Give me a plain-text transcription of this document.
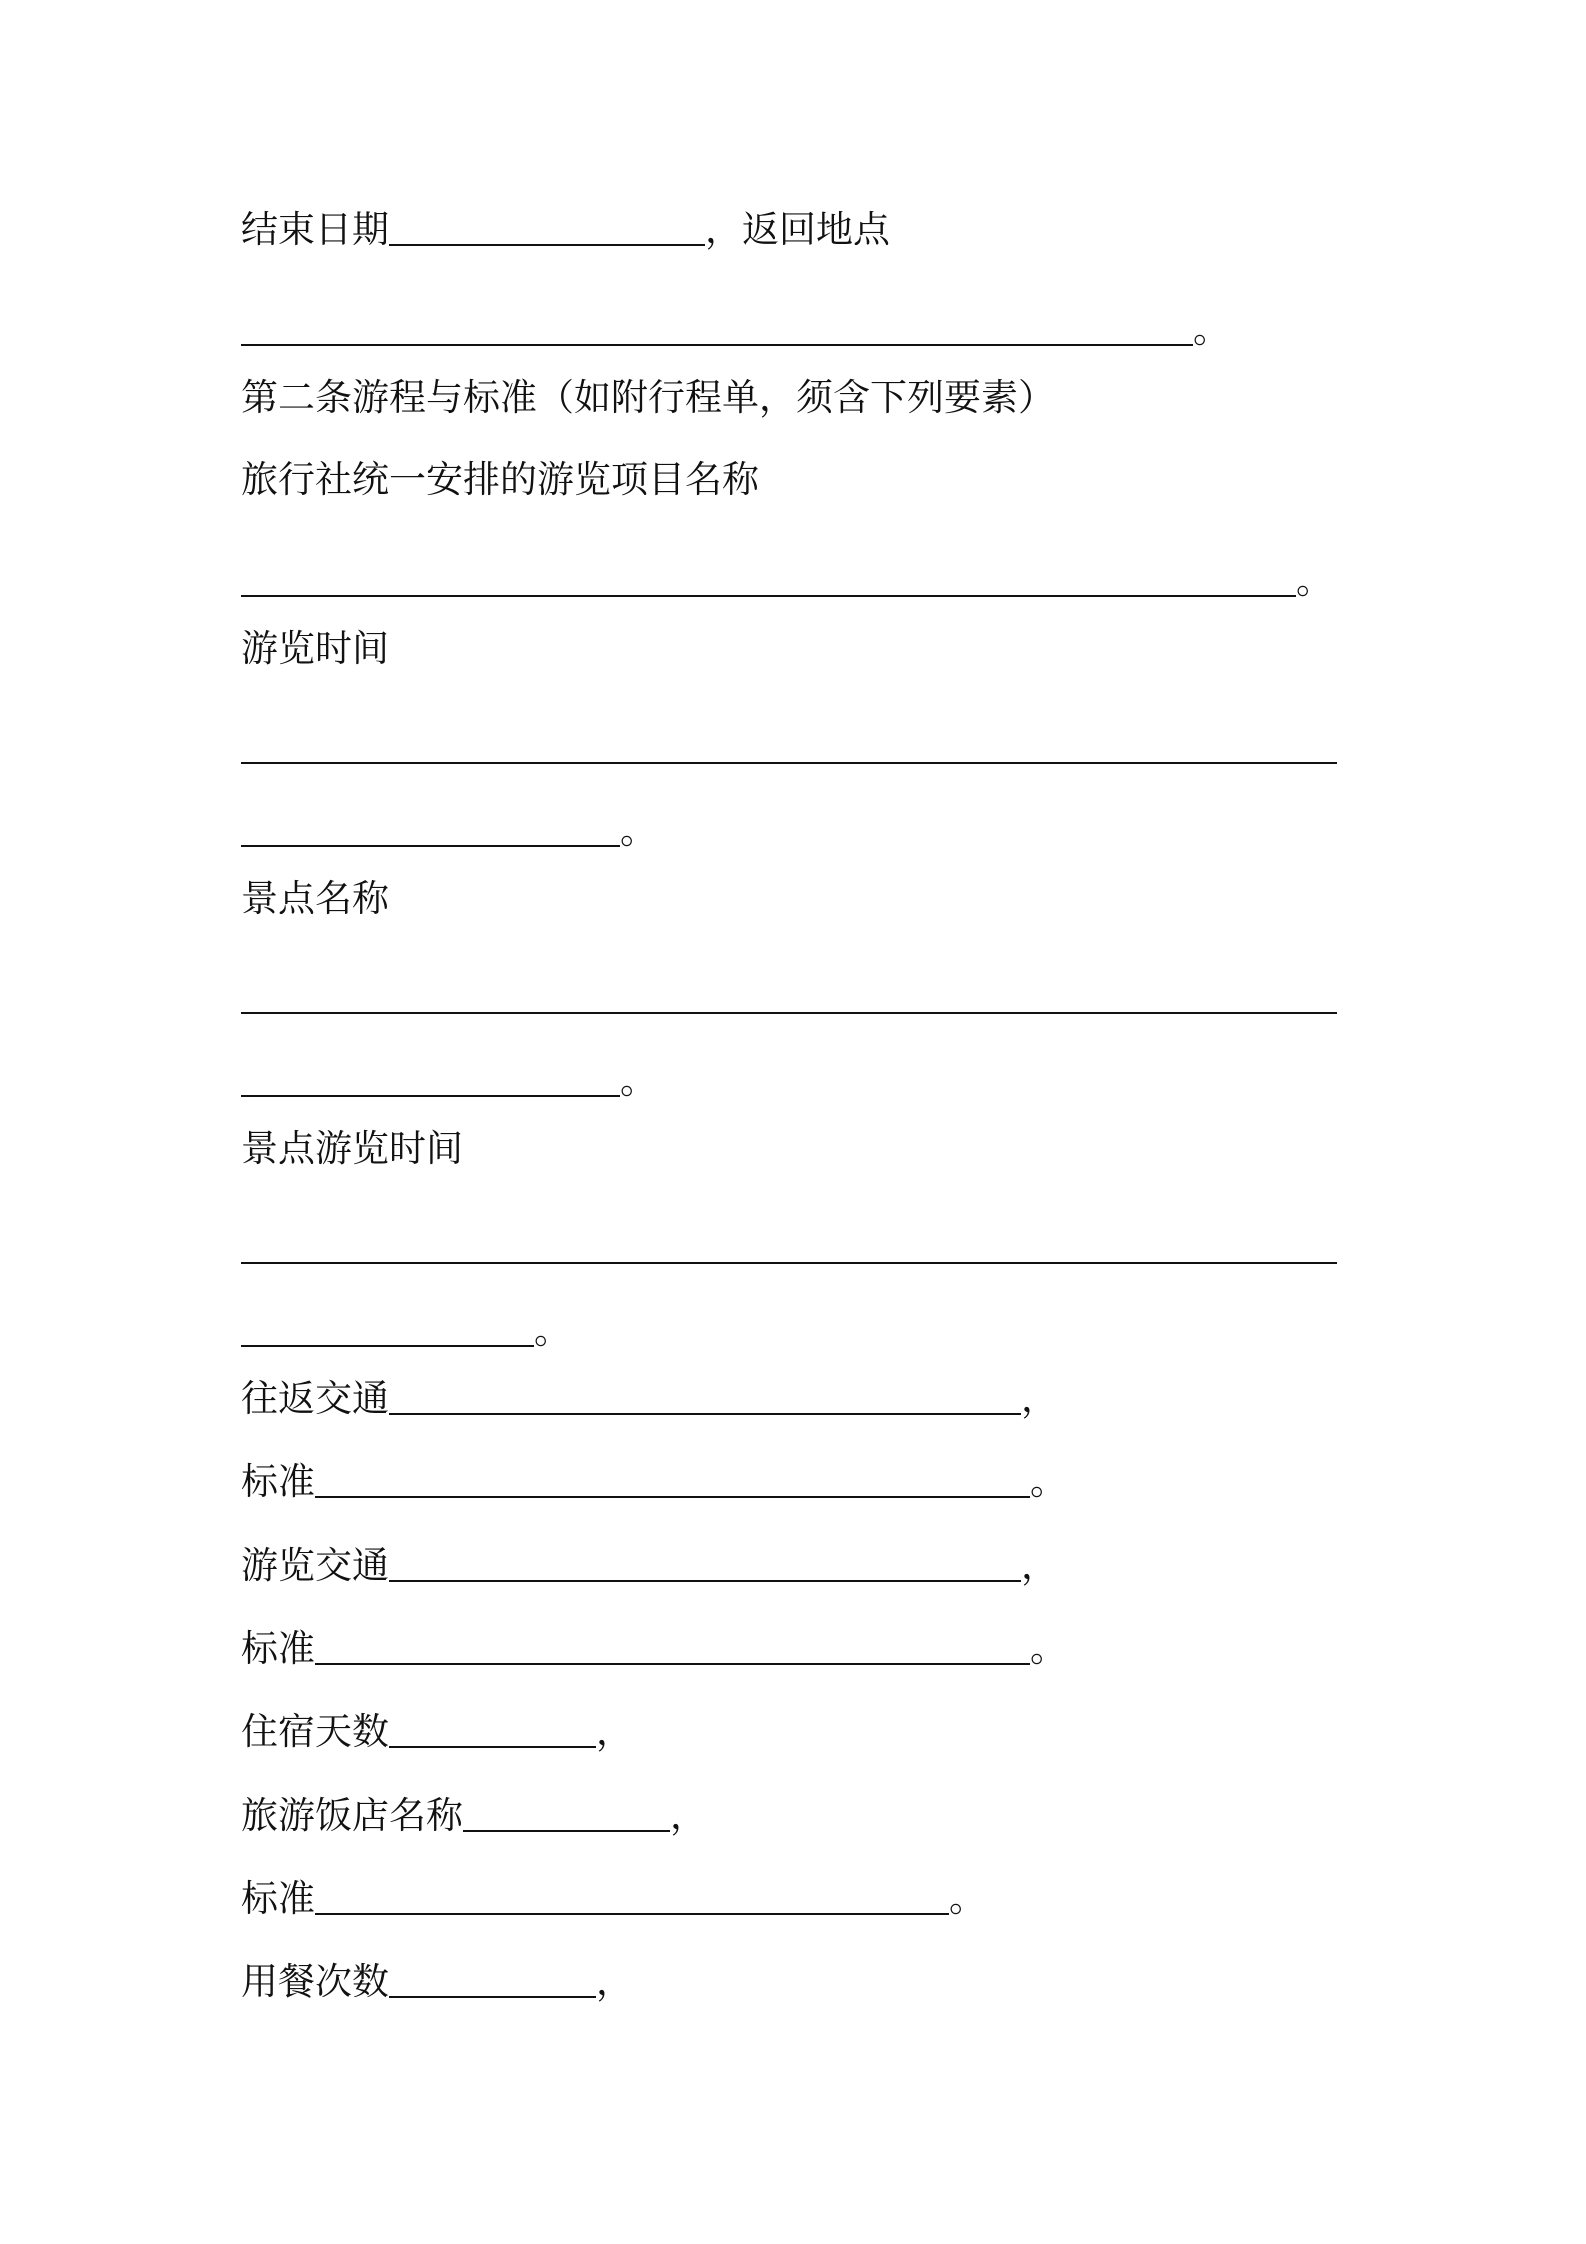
结束日期	，返回地点
。
第二条游程与标准（如附行程单，须含下列要素）
旅行社统一安排的游览项目名称
。
游览时间
。
景点名称
。
景点游览时间
。
往返交通	，
标准	。
游览交通	，
标准	。
住宿天数	，
旅游饭店名称	，
标准	。
用餐次数	，
